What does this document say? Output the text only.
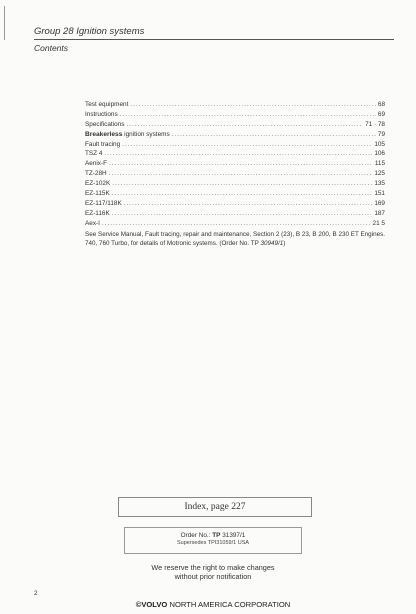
Group 28 Ignition systems
Contents
Test equipment .....	68
Instructions .....	69
Specifications .....	71 · 78
Breakerless ignition systems .....	79
Fault tracing .....	105
TSZ 4 .....	106
Aenix-F .....	115
TZ-28H .....	125
EZ-102K .....	135
EZ-115K .....	151
EZ-117/118K .....	169
EZ-116K .....	187
Aex-I .....	21 5
See Service Manual, Fault tracing, repair and maintenance, Section 2 (23), B 23, B 200, B 230 ET Engines. 740, 760 Turbo, for details of Motronic systems. (Order No. TP 30949/1)
Index, page 227
Order No.: TP 31397/1
Supersedes TPI31059/1 USA
We reserve the right to make changes
without prior notification
2
©VOLVO NORTH AMERICA CORPORATION
